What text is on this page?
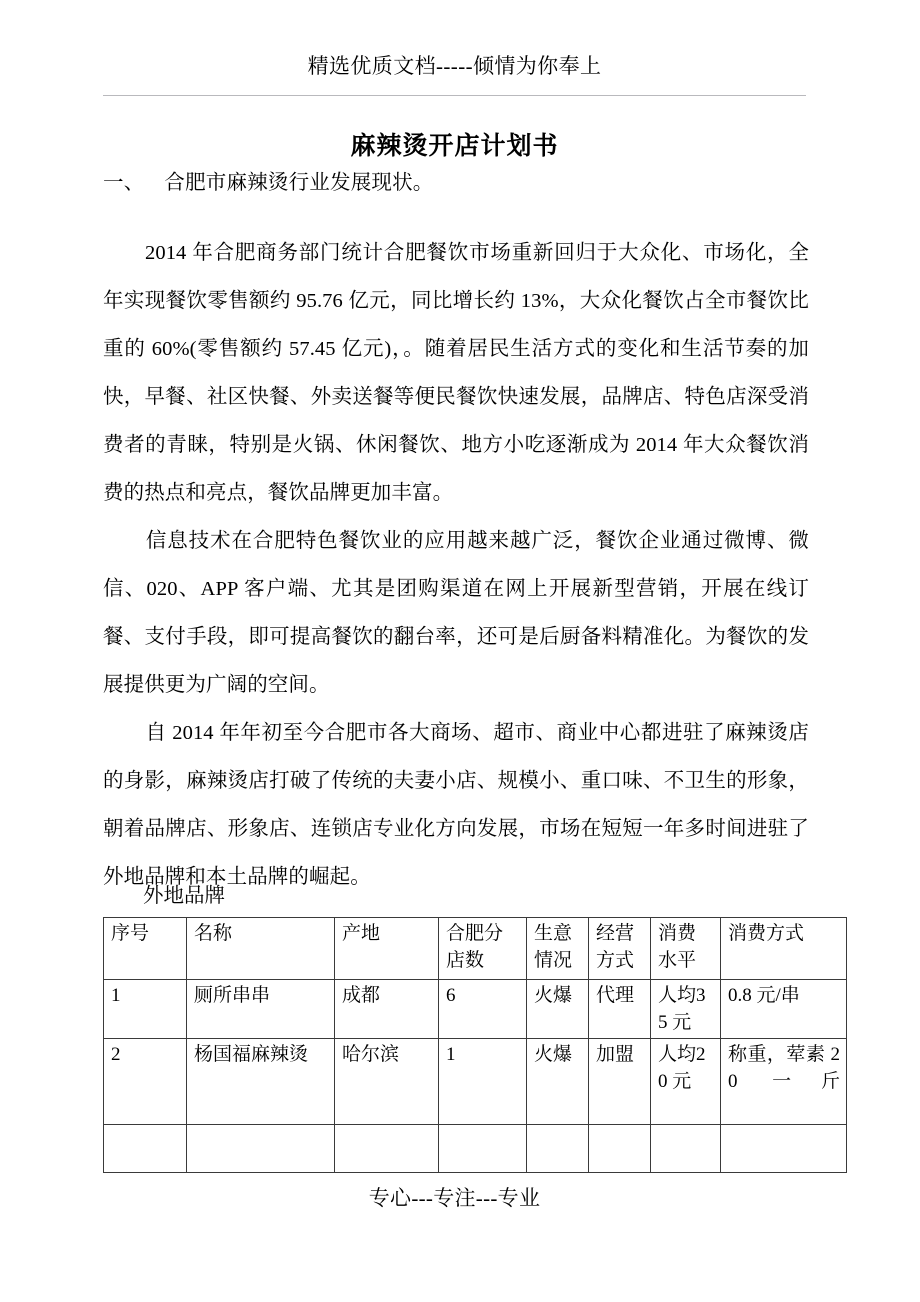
精选优质文档-----倾情为你奉上
麻辣烫开店计划书
一、 合肥市麻辣烫行业发展现状。

2014 年合肥商务部门统计合肥餐饮市场重新回归于大众化、市场化，全年实现餐饮零售额约 95.76 亿元，同比增长约 13%，大众化餐饮占全市餐饮比重的 60%(零售额约 57.45 亿元)，。随着居民生活方式的变化和生活节奏的加快，早餐、社区快餐、外卖送餐等便民餐饮快速发展，品牌店、特色店深受消费者的青睐，特别是火锅、休闲餐饮、地方小吃逐渐成为 2014 年大众餐饮消费的热点和亮点，餐饮品牌更加丰富。

信息技术在合肥特色餐饮业的应用越来越广泛，餐饮企业通过微博、微信、020、APP 客户端、尤其是团购渠道在网上开展新型营销，开展在线订餐、支付手段，即可提高餐饮的翻台率，还可是后厨备料精准化。为餐饮的发展提供更为广阔的空间。

自 2014 年年初至今合肥市各大商场、超市、商业中心都进驻了麻辣烫店的身影，麻辣烫店打破了传统的夫妻小店、规模小、重口味、不卫生的形象，朝着品牌店、形象店、连锁店专业化方向发展，市场在短短一年多时间进驻了外地品牌和本土品牌的崛起。

外地品牌
序号	名称	产地	合肥分店数	生意情况	经营方式	消费水平	消费方式
1	厕所串串	成都	6	火爆	代理	人均35 元	0.8 元/串
2	杨国福麻辣烫	哈尔滨	1	火爆	加盟	人均20 元	称重，荤素 20 一斤

专心---专注---专业
